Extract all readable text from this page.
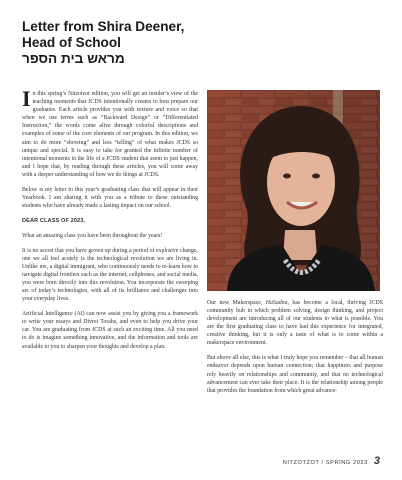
Letter from Shira Deener,
Head of School
מראש בית הספר

In this spring’s Nitzotzot edition, you will get an insider’s view of the teaching moments that JCDS intentionally creates to best prepare our graduates. Each article provides you with texture and voice so that when we use terms such as “Backward Design” or “Differentiated Instruction,” the words come alive through colorful descriptions and examples of some of the core elements of our program. In this edition, we aim to do more “showing” and less “telling” of what makes JCDS so unique and special. It is easy to take for granted the infinite number of intentional moments in the life of a JCDS student that seem to just happen, and I hope that, by reading through these articles, you will come away with a deeper understanding of how we do things at JCDS.

Below is my letter to this year’s graduating class that will appear in their Yearbook. I am sharing it with you as a tribute to these outstanding students who have already made a lasting impact on our school.

DEAR CLASS OF 2023,

What an amazing class you have been throughout the years!

It is no secret that you have grown up during a period of explosive change, one we all feel acutely is the technological revolution we are living in. Unlike me, a digital immigrant, who continuously needs to re-learn how to navigate digital frontiers such as the internet, cellphones, and social media, you were born directly into this revolution. You incorporate the sweeping arc of today’s technologies, with all of its brilliance and challenges into your everyday lives.

Artificial Intelligence (AI) can now assist you by giving you a framework to write your essays and Divrei Torahs, and even to help you drive your car. You are graduating from JCDS at such an exciting time. All you need to do is imagine something innovative, and the information and tools are available to you to sharpen your thoughts and develop a plan.

Our new Makerspace, HaSadna, has become a local, thriving JCDS community hub in which problem solving, design thinking, and project development are introducing all of our students to what is possible. You are the first graduating class to have had this experience for integrated, creative thinking, but it is only a taste of what is to come within a makerspace environment.

But above all else, this is what I truly hope you remember – that all human endeavor depends upon human connection; that happiness and purpose rely heavily on relationships and community, and that no technological advancement can ever take their place. It is the relationship among people that provides the foundation from which great advance-

NITZOTZOT / SPRING 2023 3
